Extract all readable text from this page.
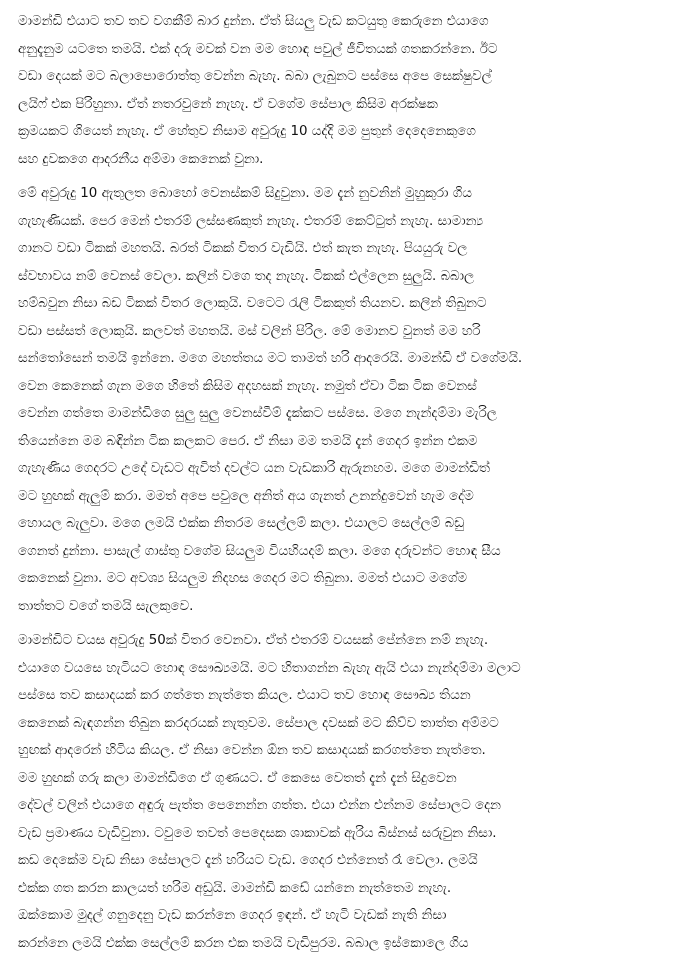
මාමන්ඩි එයාට තව තව වගකීම් බාර දුන්න. ඒත් සියලු වැඩ කටයුතු කෙරුනෙ එයාගෙ
අනුදැනුම යටතෙ තමයි. එක් දරු මවක් වන මම හොඳ පවුල් ජීවිතයක් ගතකරන්නෙ. ඊට
වඩා දෙයක් මට බලාපොරොත්තු වෙන්න බැහැ. බබා ලැබුනට පස්සෙ අපෙ සෙක්ෂුවල්
ලයිෆ් එක පිරිහුනා. ඒත් නතරවුනේ නැහැ. ඒ වගේම සේපාල කිසිම අරක්ෂක
ක්‍රමයකට ගියෙත් නැහැ. ඒ හේතුව නිසාම අවුරුදු 10 යද්දි මම පුතුන් දෙදෙනෙකුගෙ
සහ දුවකගෙ ආදරනීය අම්මා කෙනෙක් වුනා.
මේ අවුරුදු 10 ඇතුලත බොහෝ වෙනස්කම් සිදුවුනා. මම දැන් නුවනින් මුහුකුරා ගිය
ගැහැණියක්. පෙර මෙන් එතරම් ලස්සණකුත් නැහැ. එතරම් කෙට්ටුත් නැහැ. සාමාන්‍ය
ගානට වඩා ටිකක් මහතයි. බරත් ටිකක් විතර වැඩියි. එත් කැත නැහැ. පියයුරු වල
ස්වභාවය නම් වෙනස් වෙලා. කලින් වගෙ තද නැහැ. ටිකක් එල්ලෙන සුලුයි. බබාල
හම්බවුන නිසා බඩ ටිකක් විතර ලොකුයි. වටෙට රැලි ටිකකුත් තියනව. කලින් තිබුනට
වඩා පස්සත් ලොකුයි. කලවත් මහතයි. මස් වලින් පිරිල. මේ මොනව වුනත් මම හරි
සන්තෝසෙන් තමයි ඉන්නෙ. මගෙ මහත්තය මට තාමත් හරි ආදරෙයි. මාමන්ඩි ඒ වගේමයි.
වෙන කෙනෙක් ගැන මගෙ හිතේ කිසිම අදහසක් නැහැ. නමුත් ඒවා ටික ටික වෙනස්
වෙන්න ගත්තෙ මාමන්ඩිගෙ සුලු සුලු වෙනස්වීම් දැක්කට පස්සෙ. මගෙ නැන්දම්මා මැරිල
තියෙන්නෙ මම බඳින්න ටික කලකට පෙර. ඒ නිසා මම තමයි දැන් ගෙදර ඉන්න එකම
ගැහැණිය ගෙදරට උදේ වැඩට ඇවිත් දවල්ට යන වැඩකාරි ඇරුනහම. මගෙ මාමන්ඩිත්
මට හුඟක් ඇලුම් කරා. මමත් අපෙ පවුලෙ අනිත් අය ගැනත් උනන්දුවෙන් හැම දේම
හොයල බැලුවා. මගෙ ලමයි එක්ක නිතරම සෙල්ලම් කලා. එයාලට සෙල්ලම් බඩු
ගෙනත් දුන්නා. පාසැල් ගාස්තු වගේම සියලුම වියහියදම් කලා. මගෙ දරුවන්ට හොඳ සීය
කෙනෙක් වුනා. මට අවශ්‍ය සියලුම නිදහස ගෙදර මට තිබුනා. මමත් එයාට මගේම
තාත්තට වගේ තමයි සැලකුවෙ.
මාමන්ඩිට වයස අවුරුදු 50ක් විතර වෙනවා. ඒත් එතරම් වයසක් පේන්නෙ නම් නැහැ.
එයාගෙ වයසෙ හැටියට හොඳ සෞඛ්‍යමයි. මට හිතාගන්න බැහැ ඇයි එයා නැන්දම්මා මලාට
පස්සෙ තව කසාදයක් කර ගත්තෙ නැත්තෙ කියල. එයාට තව හොඳ සෞඛ්‍ය තියන
කෙනෙක් බැඳගන්න තිබුන කරදරයක් නැතුවම. සේපාල දවසක් මට කිව්ව තාත්ත අම්මට
හුඟක් ආදරෙන් හිටිය කියල. ඒ නිසා වෙන්න ඕන තව කසාදයක් කරගත්තෙ නැත්තෙ.
මම හුඟක් ගරු කලා මාමන්ඩිගෙ ඒ ගුණයට. ඒ කෙසෙ වෙතත් දැන් දැන් සිදුවෙන
දේවල් වලින් එයාගෙ අඳුරු පැත්ත පෙනෙන්න ගත්ත. එයා එන්න එන්නම සේපාලට දෙන
වැඩ ප්‍රමාණය වැඩිවුනා. ටවුමෙ තවත් පෙදෙසක ශාකාවක් ඇරිය බිස්නස් සරුවුන නිසා.
කඩ දෙකේම වැඩ නිසා සේපාලට දැන් හරියට වැඩ. ගෙදර එන්නෙත් රෑ වෙලා. ලමයි
එක්ක ගත කරන කාලයත් හරිම අඩුයි. මාමන්ඩි කඩේ යන්නෙ නැත්තෙම නැහැ.
ඔක්කොම මුදල් ගනුදෙනු වැඩ කරන්නෙ ගෙදර ඉඳන්. ඒ හැටි වැඩක් නැති නිසා
කරන්නෙ ලමයි එක්ක සෙල්ලම් කරන එක තමයි වැඩිපුරම. බබාල ඉස්කොලෙ ගිය
